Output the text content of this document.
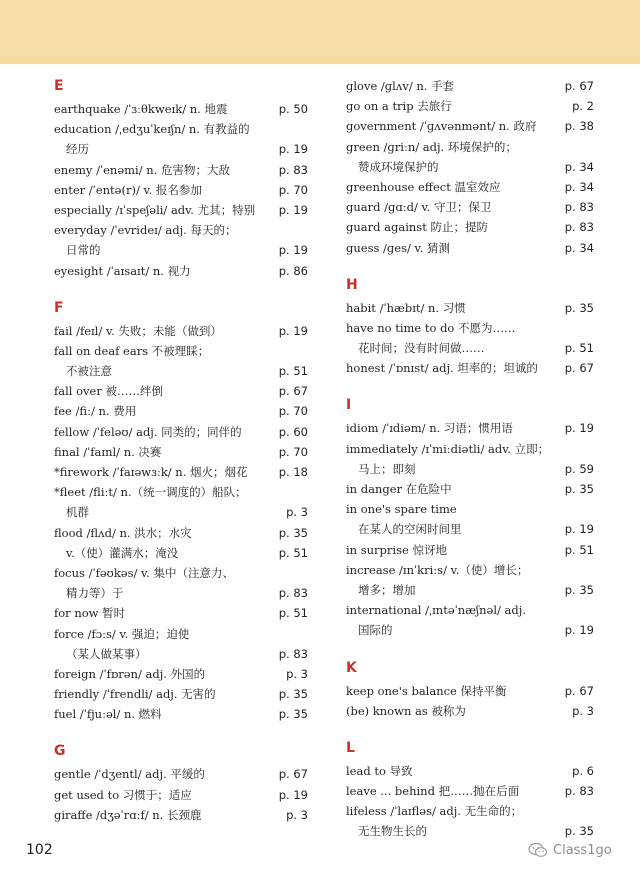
E
earthquake /ˈɜːθkweɪk/ n. 地震	p. 50
education /ˌedʒuˈkeɪʃn/ n. 有教益的
经历	p. 19
enemy /ˈenəmi/ n. 危害物；大敌	p. 83
enter /ˈentə(r)/ v. 报名参加	p. 70
especially /ɪˈspeʃəli/ adv. 尤其；特别 p. 19
everyday /ˈevrideɪ/ adj. 每天的；
日常的	p. 19
eyesight /ˈaɪsaɪt/ n. 视力	p. 86
F
fail /feɪl/ v. 失败；未能（做到）	p. 19
fall on deaf ears 不被理睬；
不被注意	p. 51
fall over 被……绊倒	p. 67
fee /fiː/ n. 费用	p. 70
fellow /ˈfeləʊ/ adj. 同类的；同伴的	p. 60
final /ˈfaɪnl/ n. 决赛	p. 70
*firework /ˈfaɪəwɜːk/ n. 烟火；烟花	p. 18
*fleet /fliːt/ n.（统一调度的）船队；
机群	p. 3
flood /flʌd/ n. 洪水；水灾	p. 35
v.（使）灌满水；淹没	p. 51
focus /ˈfəʊkəs/ v. 集中（注意力、
精力等）于	p. 83
for now 暂时	p. 51
force /fɔːs/ v. 强迫；迫使
（某人做某事）	p. 83
foreign /ˈfɒrən/ adj. 外国的	p. 3
friendly /ˈfrendli/ adj. 无害的	p. 35
fuel /ˈfjuːəl/ n. 燃料	p. 35
G
gentle /ˈdʒentl/ adj. 平缓的	p. 67
get used to 习惯于；适应	p. 19
giraffe /dʒəˈrɑːf/ n. 长颈鹿	p. 3
glove /ɡlʌv/ n. 手套	p. 67
go on a trip 去旅行	p. 2
government /ˈɡʌvənmənt/ n. 政府 p. 38
green /ɡriːn/ adj. 环境保护的；
赞成环境保护的	p. 34
greenhouse effect 温室效应	p. 34
guard /ɡɑːd/ v. 守卫；保卫	p. 83
guard against 防止；提防	p. 83
guess /ɡes/ v. 猜测	p. 34
H
habit /ˈhæbɪt/ n. 习惯	p. 35
have no time to do 不愿为……
花时间；没有时间做……	p. 51
honest /ˈɒnɪst/ adj. 坦率的；坦诚的 p. 67
I
idiom /ˈɪdiəm/ n. 习语；惯用语	p. 19
immediately /ɪˈmiːdiətli/ adv. 立即；
马上；即刻	p. 59
in danger 在危险中	p. 35
in one's spare time
在某人的空闲时间里	p. 19
in surprise 惊讶地	p. 51
increase /ɪnˈkriːs/ v.（使）增长；
增多；增加	p. 35
international /ˌɪntəˈnæʃnəl/ adj.
国际的	p. 19
K
keep one's balance 保持平衡	p. 67
(be) known as 被称为	p. 3
L
lead to 导致	p. 6
leave ... behind 把……抛在后面	p. 83
lifeless /ˈlaɪfləs/ adj. 无生命的；
无生物生长的	p. 35
102	Class1go
